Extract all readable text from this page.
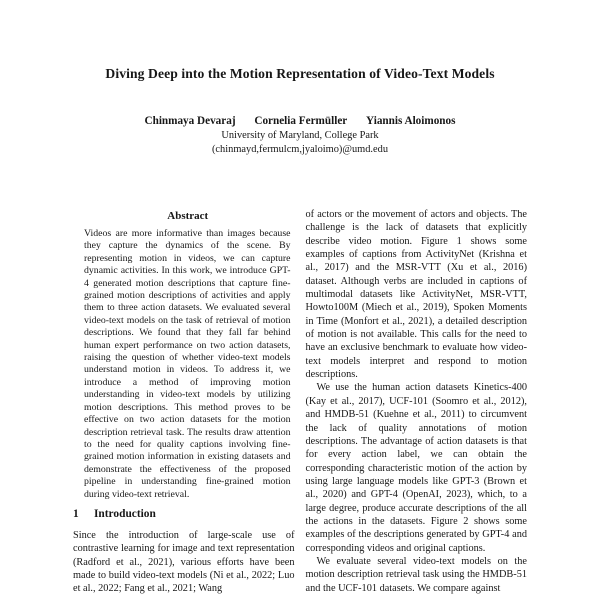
Diving Deep into the Motion Representation of Video-Text Models
Chinmaya Devaraj Cornelia Fermüller Yiannis Aloimonos
University of Maryland, College Park
(chinmayd,fermulcm,jyaloimo)@umd.edu
Abstract

Videos are more informative than images because they capture the dynamics of the scene. By representing motion in videos, we can capture dynamic activities. In this work, we introduce GPT-4 generated motion descriptions that capture fine-grained motion descriptions of activities and apply them to three action datasets. We evaluated several video-text models on the task of retrieval of motion descriptions. We found that they fall far behind human expert performance on two action datasets, raising the question of whether video-text models understand motion in videos. To address it, we introduce a method of improving motion understanding in video-text models by utilizing motion descriptions. This method proves to be effective on two action datasets for the motion description retrieval task. The results draw attention to the need for quality captions involving fine-grained motion information in existing datasets and demonstrate the effectiveness of the proposed pipeline in understanding fine-grained motion during video-text retrieval.

1 Introduction

Since the introduction of large-scale use of contrastive learning for image and text representation (Radford et al., 2021), various efforts have been made to build video-text models (Ni et al., 2022; Luo et al., 2022; Fang et al., 2021; Wang

of actors or the movement of actors and objects. The challenge is the lack of datasets that explicitly describe video motion. Figure 1 shows some examples of captions from ActivityNet (Krishna et al., 2017) and the MSR-VTT (Xu et al., 2016) dataset. Although verbs are included in captions of multimodal datasets like ActivityNet, MSR-VTT, Howto100M (Miech et al., 2019), Spoken Moments in Time (Monfort et al., 2021), a detailed description of motion is not available. This calls for the need to have an exclusive benchmark to evaluate how video-text models interpret and respond to motion descriptions.

We use the human action datasets Kinetics-400 (Kay et al., 2017), UCF-101 (Soomro et al., 2012), and HMDB-51 (Kuehne et al., 2011) to circumvent the lack of quality annotations of motion descriptions. The advantage of action datasets is that for every action label, we can obtain the corresponding characteristic motion of the action by using large language models like GPT-3 (Brown et al., 2020) and GPT-4 (OpenAI, 2023), which, to a large degree, produce accurate descriptions of the all the actions in the datasets. Figure 2 shows some examples of the descriptions generated by GPT-4 and corresponding videos and original captions.

We evaluate several video-text models on the motion description retrieval task using the HMDB-51 and the UCF-101 datasets. We compare against
